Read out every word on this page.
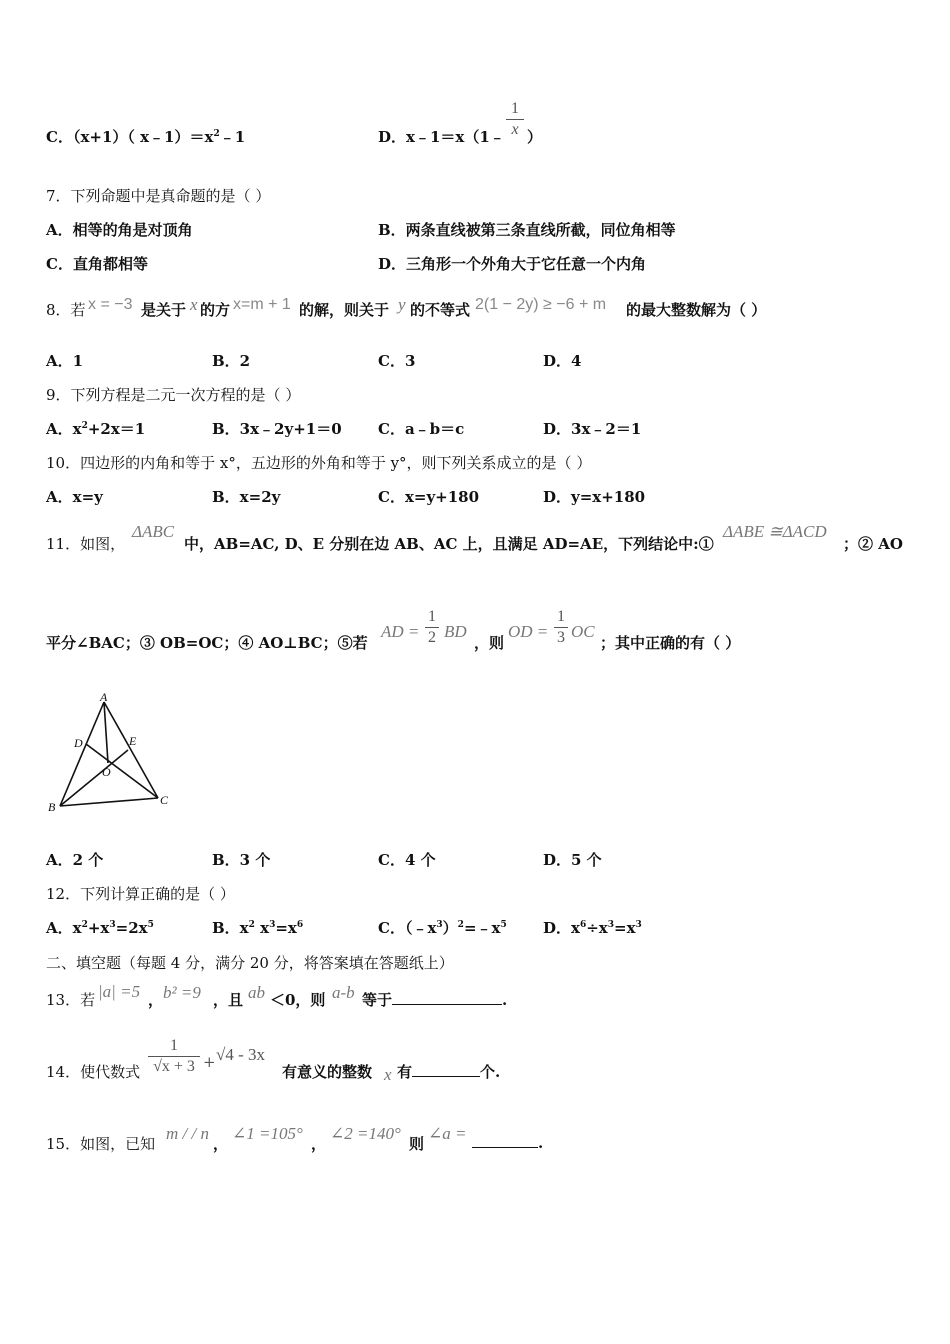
C．（x+1）（ $x﹣1)=x^2﹣1$	D．x﹣1＝x（1﹣
1
x ）
7．下列命题中是真命题的是（ ）
A．相等的角是对顶角	B．两条直线被第三条直线所截，同位角相等
C．直角都相等	D．三角形一个外角大于它任意一个内角
8．若 x = −3 是关于 x 的方 x=m + 1 的解，则关于 y 的不等式 2(1 − 2y) ≥ −6 + m 的最大整数解为（ ）
A．1	B．2	C．3	D．4
9．下列方程是二元一次方程的是（ ）
A．$x^2+2x=1$	B．3x﹣2y+1＝0 C．a﹣b＝c	D．3x﹣2＝1
10．四边形的内角和等于 x°，五边形的外角和等于 y°，则下列关系成立的是（ ）
A．x=y	B．x=2y	C．x=y+180	D．y=x+180
11．如图，
ΔABC
中，AB=AC, D、E 分别在边 AB、AC 上，且满足 AD=AE，下列结论中:①
ΔABE ≅ΔACD
；② AO
平分∠BAC；③ OB=OC；④ AO⊥BC；⑤若
AD =
1
2 BD
，则
OD =
1
3 OC
；其中正确的有（ ）
A
D	E
O
B	C
A．2 个	B．3 个	C．4 个	D．5 个
12．下列计算正确的是（ ）
A．$x^2+x^3=2x^5$	B．$x^2$ $x^3=x^6$	C．$(﹣x^3)^2=﹣x^5$ D．$x^6\div x^3=x^3$
二、填空题（每题 4 分，满分 20 分，将答案填在答题纸上）
13．若 |a| =5 ， b² =9 ，且 ab ＜0，则 a-b 等于	.
14．使代数式
1
√x + 3 + √4 - 3x
有意义的整数 x 有	个.
15．如图，已知
m / / n
，
∠1 =105°
，
∠2 =140°
则
∠a =	.
